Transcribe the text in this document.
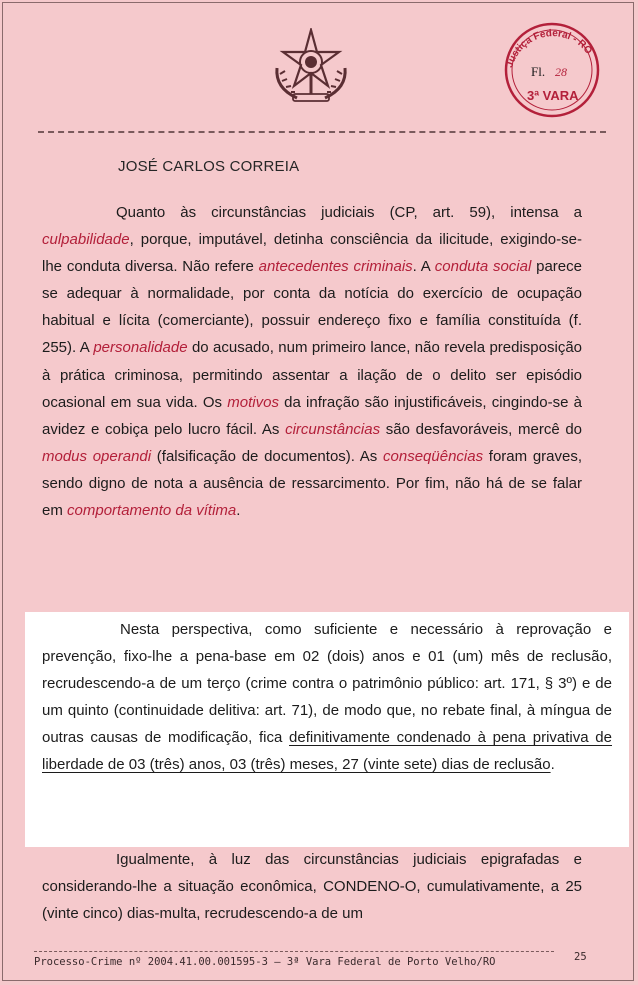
Justiça Federal - RO
Fl. 28
3ª VARA
JOSÉ CARLOS CORREIA
Quanto às circunstâncias judiciais (CP, art. 59), intensa a culpabilidade, porque, imputável, detinha consciência da ilicitude, exigindo-se-lhe conduta diversa. Não refere antecedentes criminais. A conduta social parece se adequar à normalidade, por conta da notícia do exercício de ocupação habitual e lícita (comerciante), possuir endereço fixo e família constituída (f. 255). A personalidade do acusado, num primeiro lance, não revela predisposição à prática criminosa, permitindo assentar a ilação de o delito ser episódio ocasional em sua vida. Os motivos da infração são injustificáveis, cingindo-se à avidez e cobiça pelo lucro fácil. As circunstâncias são desfavoráveis, mercê do modus operandi (falsificação de documentos). As conseqüências foram graves, sendo digno de nota a ausência de ressarcimento. Por fim, não há de se falar em comportamento da vítima.
Nesta perspectiva, como suficiente e necessário à reprovação e prevenção, fixo-lhe a pena-base em 02 (dois) anos e 01 (um) mês de reclusão, recrudescendo-a de um terço (crime contra o patrimônio público: art. 171, § 3º) e de um quinto (continuidade delitiva: art. 71), de modo que, no rebate final, à míngua de outras causas de modificação, fica definitivamente condenado à pena privativa de liberdade de 03 (três) anos, 03 (três) meses, 27 (vinte sete) dias de reclusão.
Igualmente, à luz das circunstâncias judiciais epigrafadas e considerando-lhe a situação econômica, CONDENO-O, cumulativamente, a 25 (vinte cinco) dias-multa, recrudescendo-a de um
Processo-Crime nº 2004.41.00.001595-3 — 3ª Vara Federal de Porto Velho/RO	25
